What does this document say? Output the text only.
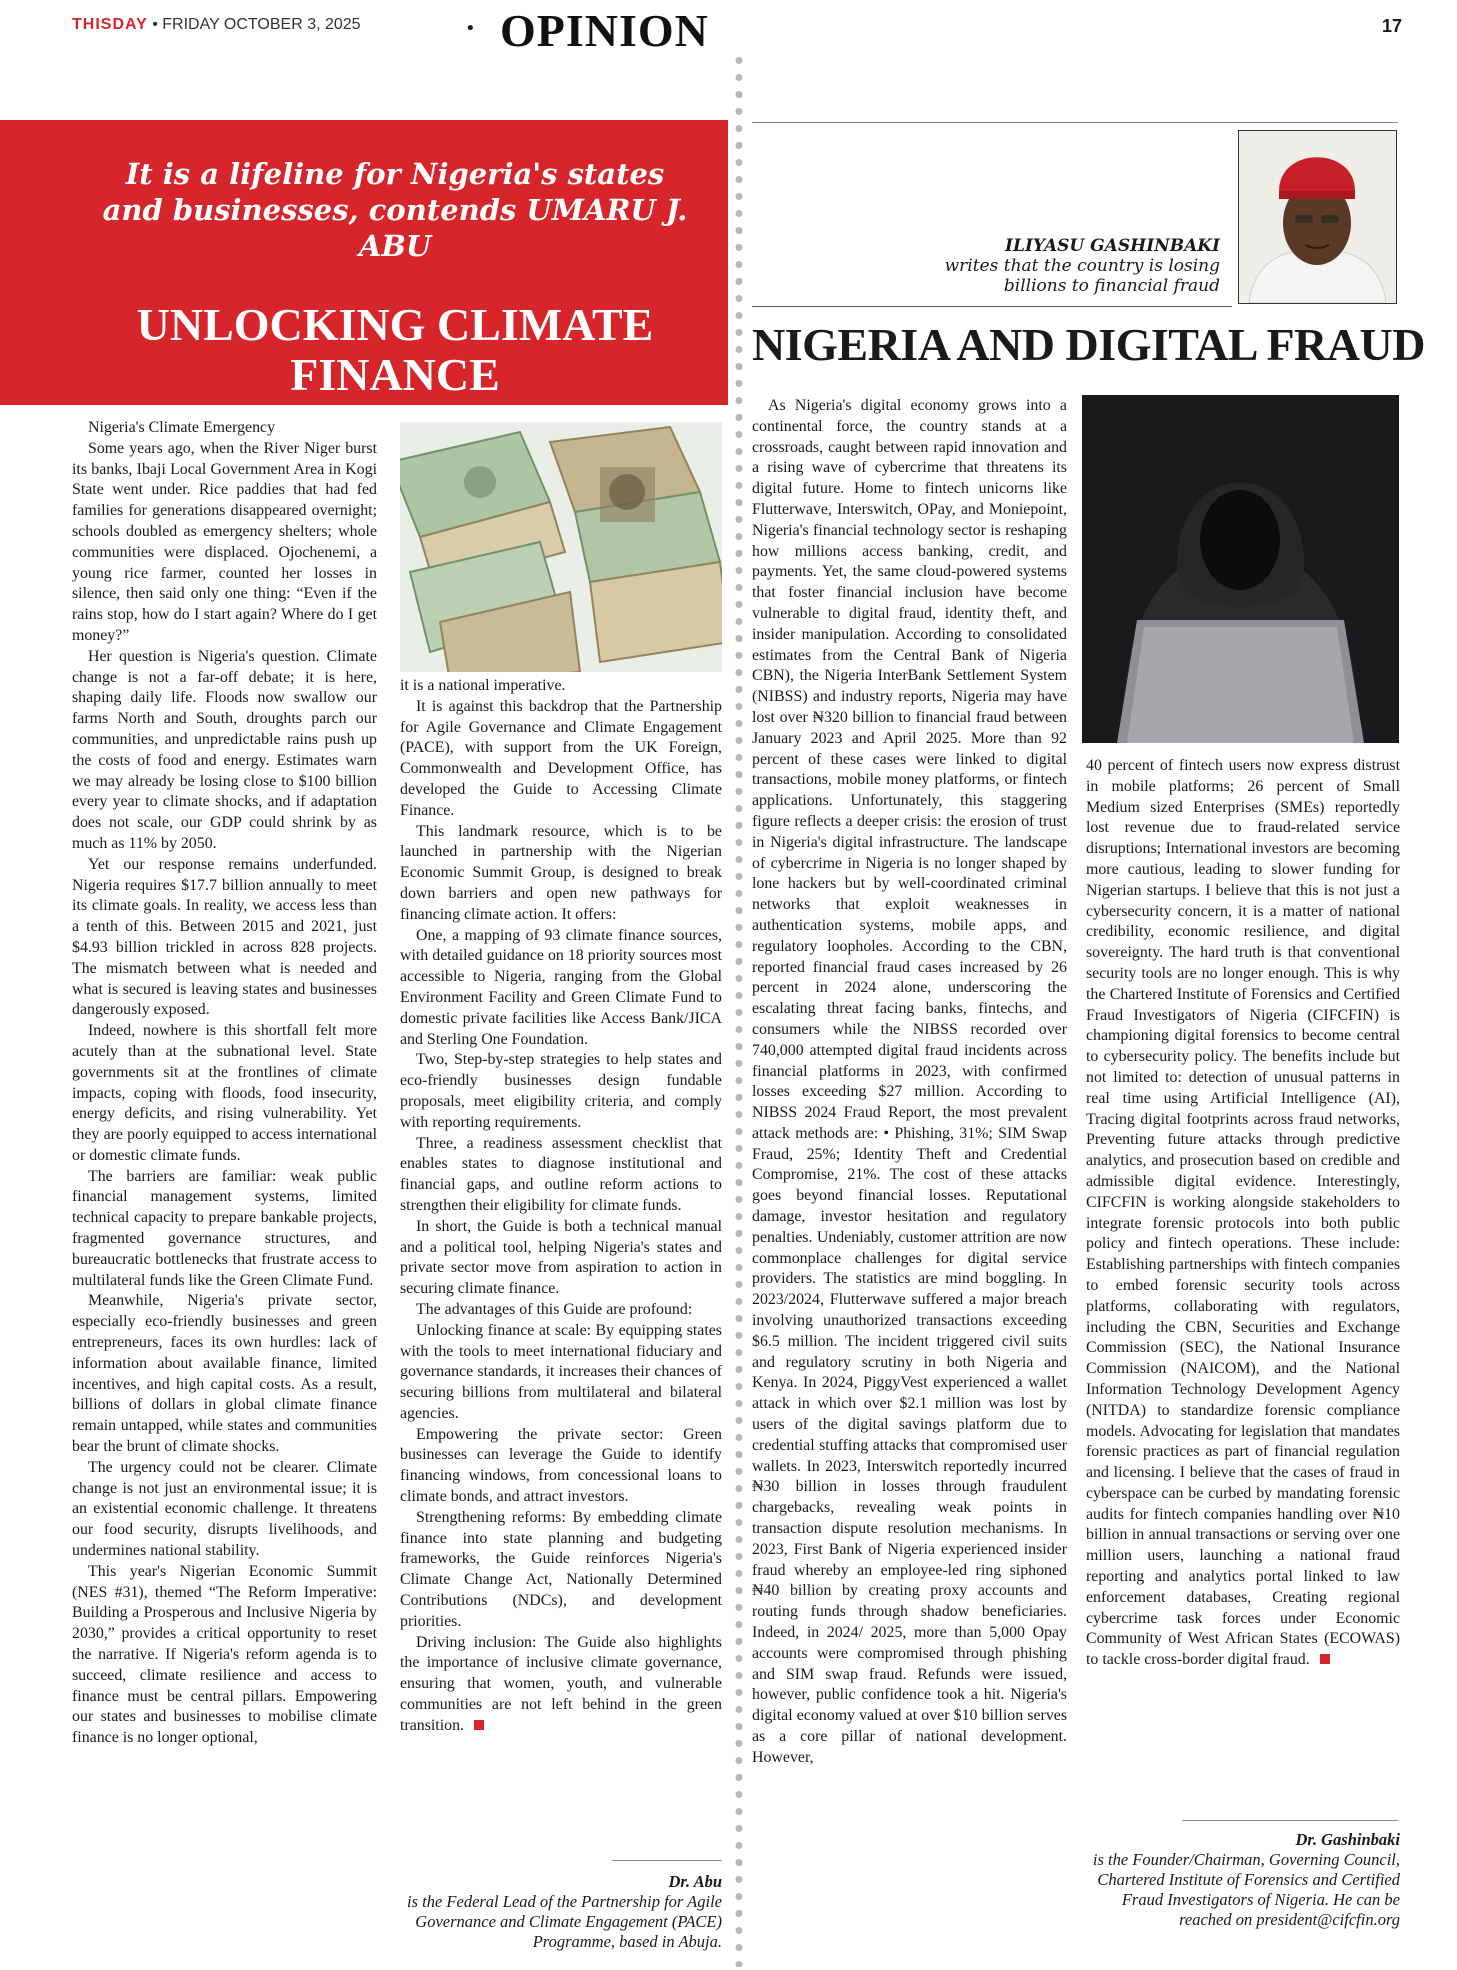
THISDAY • FRIDAY OCTOBER 3, 2025	• OPINION	17
It is a lifeline for Nigeria's states and businesses, contends UMARU J. ABU
UNLOCKING CLIMATE FINANCE

Nigeria's Climate Emergency

Some years ago, when the River Niger burst its banks, Ibaji Local Government Area in Kogi State went under. Rice paddies that had fed families for generations disappeared overnight; schools doubled as emergency shelters; whole communities were displaced. Ojochenemi, a young rice farmer, counted her losses in silence, then said only one thing: “Even if the rains stop, how do I start again? Where do I get money?”

Her question is Nigeria's question. Climate change is not a far-off debate; it is here, shaping daily life. Floods now swallow our farms North and South, droughts parch our communities, and unpredictable rains push up the costs of food and energy. Estimates warn we may already be losing close to $100 billion every year to climate shocks, and if adaptation does not scale, our GDP could shrink by as much as 11% by 2050.

Yet our response remains underfunded. Nigeria requires $17.7 billion annually to meet its climate goals. In reality, we access less than a tenth of this. Between 2015 and 2021, just $4.93 billion trickled in across 828 projects. The mismatch between what is needed and what is secured is leaving states and businesses dangerously exposed.

Indeed, nowhere is this shortfall felt more acutely than at the subnational level. State governments sit at the frontlines of climate impacts, coping with floods, food insecurity, energy deficits, and rising vulnerability. Yet they are poorly equipped to access international or domestic climate funds.

The barriers are familiar: weak public financial management systems, limited technical capacity to prepare bankable projects, fragmented governance structures, and bureaucratic bottlenecks that frustrate access to multilateral funds like the Green Climate Fund.

Meanwhile, Nigeria's private sector, especially eco-friendly businesses and green entrepreneurs, faces its own hurdles: lack of information about available finance, limited incentives, and high capital costs. As a result, billions of dollars in global climate finance remain untapped, while states and communities bear the brunt of climate shocks.

The urgency could not be clearer. Climate change is not just an environmental issue; it is an existential economic challenge. It threatens our food security, disrupts livelihoods, and undermines national stability.

This year's Nigerian Economic Summit (NES #31), themed “The Reform Imperative: Building a Prosperous and Inclusive Nigeria by 2030,” provides a critical opportunity to reset the narrative. If Nigeria's reform agenda is to succeed, climate resilience and access to finance must be central pillars. Empowering our states and businesses to mobilise climate finance is no longer optional,

it is a national imperative.

It is against this backdrop that the Partnership for Agile Governance and Climate Engagement (PACE), with support from the UK Foreign, Commonwealth and Development Office, has developed the Guide to Accessing Climate Finance.

This landmark resource, which is to be launched in partnership with the Nigerian Economic Summit Group, is designed to break down barriers and open new pathways for financing climate action. It offers:

One, a mapping of 93 climate finance sources, with detailed guidance on 18 priority sources most accessible to Nigeria, ranging from the Global Environment Facility and Green Climate Fund to domestic private facilities like Access Bank/JICA and Sterling One Foundation.

Two, Step-by-step strategies to help states and eco-friendly businesses design fundable proposals, meet eligibility criteria, and comply with reporting requirements.

Three, a readiness assessment checklist that enables states to diagnose institutional and financial gaps, and outline reform actions to strengthen their eligibility for climate funds.

In short, the Guide is both a technical manual and a political tool, helping Nigeria's states and private sector move from aspiration to action in securing climate finance.

The advantages of this Guide are profound:

Unlocking finance at scale: By equipping states with the tools to meet international fiduciary and governance standards, it increases their chances of securing billions from multilateral and bilateral agencies.

Empowering the private sector: Green businesses can leverage the Guide to identify financing windows, from concessional loans to climate bonds, and attract investors.

Strengthening reforms: By embedding climate finance into state planning and budgeting frameworks, the Guide reinforces Nigeria's Climate Change Act, Nationally Determined Contributions (NDCs), and development priorities.

Driving inclusion: The Guide also highlights the importance of inclusive climate governance, ensuring that women, youth, and vulnerable communities are not left behind in the green transition.

Dr. Abu
is the Federal Lead of the Partnership for Agile Governance and Climate Engagement (PACE) Programme, based in Abuja.
ILIYASU GASHINBAKI
writes that the country is losing billions to financial fraud
NIGERIA AND DIGITAL FRAUD

As Nigeria's digital economy grows into a continental force, the country stands at a crossroads, caught between rapid innovation and a rising wave of cybercrime that threatens its digital future. Home to fintech unicorns like Flutterwave, Interswitch, OPay, and Moniepoint, Nigeria's financial technology sector is reshaping how millions access banking, credit, and payments. Yet, the same cloud-powered systems that foster financial inclusion have become vulnerable to digital fraud, identity theft, and insider manipulation. According to consolidated estimates from the Central Bank of Nigeria CBN), the Nigeria InterBank Settlement System (NIBSS) and industry reports, Nigeria may have lost over ₦320 billion to financial fraud between January 2023 and April 2025. More than 92 percent of these cases were linked to digital transactions, mobile money platforms, or fintech applications. Unfortunately, this staggering figure reflects a deeper crisis: the erosion of trust in Nigeria's digital infrastructure. The landscape of cybercrime in Nigeria is no longer shaped by lone hackers but by well-coordinated criminal networks that exploit weaknesses in authentication systems, mobile apps, and regulatory loopholes. According to the CBN, reported financial fraud cases increased by 26 percent in 2024 alone, underscoring the escalating threat facing banks, fintechs, and consumers while the NIBSS recorded over 740,000 attempted digital fraud incidents across financial platforms in 2023, with confirmed losses exceeding $27 million. According to NIBSS 2024 Fraud Report, the most prevalent attack methods are: • Phishing, 31%; SIM Swap Fraud, 25%; Identity Theft and Credential Compromise, 21%. The cost of these attacks goes beyond financial losses. Reputational damage, investor hesitation and regulatory penalties. Undeniably, customer attrition are now commonplace challenges for digital service providers. The statistics are mind boggling. In 2023/2024, Flutterwave suffered a major breach involving unauthorized transactions exceeding $6.5 million. The incident triggered civil suits and regulatory scrutiny in both Nigeria and Kenya. In 2024, PiggyVest experienced a wallet attack in which over $2.1 million was lost by users of the digital savings platform due to credential stuffing attacks that compromised user wallets. In 2023, Interswitch reportedly incurred ₦30 billion in losses through fraudulent chargebacks, revealing weak points in transaction dispute resolution mechanisms. In 2023, First Bank of Nigeria experienced insider fraud whereby an employee-led ring siphoned ₦40 billion by creating proxy accounts and routing funds through shadow beneficiaries. Indeed, in 2024/ 2025, more than 5,000 Opay accounts were compromised through phishing and SIM swap fraud. Refunds were issued, however, public confidence took a hit. Nigeria's digital economy valued at over $10 billion serves as a core pillar of national development. However,

40 percent of fintech users now express distrust in mobile platforms; 26 percent of Small Medium sized Enterprises (SMEs) reportedly lost revenue due to fraud-related service disruptions; International investors are becoming more cautious, leading to slower funding for Nigerian startups. I believe that this is not just a cybersecurity concern, it is a matter of national credibility, economic resilience, and digital sovereignty. The hard truth is that conventional security tools are no longer enough. This is why the Chartered Institute of Forensics and Certified Fraud Investigators of Nigeria (CIFCFIN) is championing digital forensics to become central to cybersecurity policy. The benefits include but not limited to: detection of unusual patterns in real time using Artificial Intelligence (AI), Tracing digital footprints across fraud networks, Preventing future attacks through predictive analytics, and prosecution based on credible and admissible digital evidence. Interestingly, CIFCFIN is working alongside stakeholders to integrate forensic protocols into both public policy and fintech operations. These include: Establishing partnerships with fintech companies to embed forensic security tools across platforms, collaborating with regulators, including the CBN, Securities and Exchange Commission (SEC), the National Insurance Commission (NAICOM), and the National Information Technology Development Agency (NITDA) to standardize forensic compliance models. Advocating for legislation that mandates forensic practices as part of financial regulation and licensing. I believe that the cases of fraud in cyberspace can be curbed by mandating forensic audits for fintech companies handling over ₦10 billion in annual transactions or serving over one million users, launching a national fraud reporting and analytics portal linked to law enforcement databases, Creating regional cybercrime task forces under Economic Community of West African States (ECOWAS) to tackle cross-border digital fraud.

Dr. Gashinbaki
is the Founder/Chairman, Governing Council, Chartered Institute of Forensics and Certified Fraud Investigators of Nigeria. He can be reached on president@cifcfin.org
